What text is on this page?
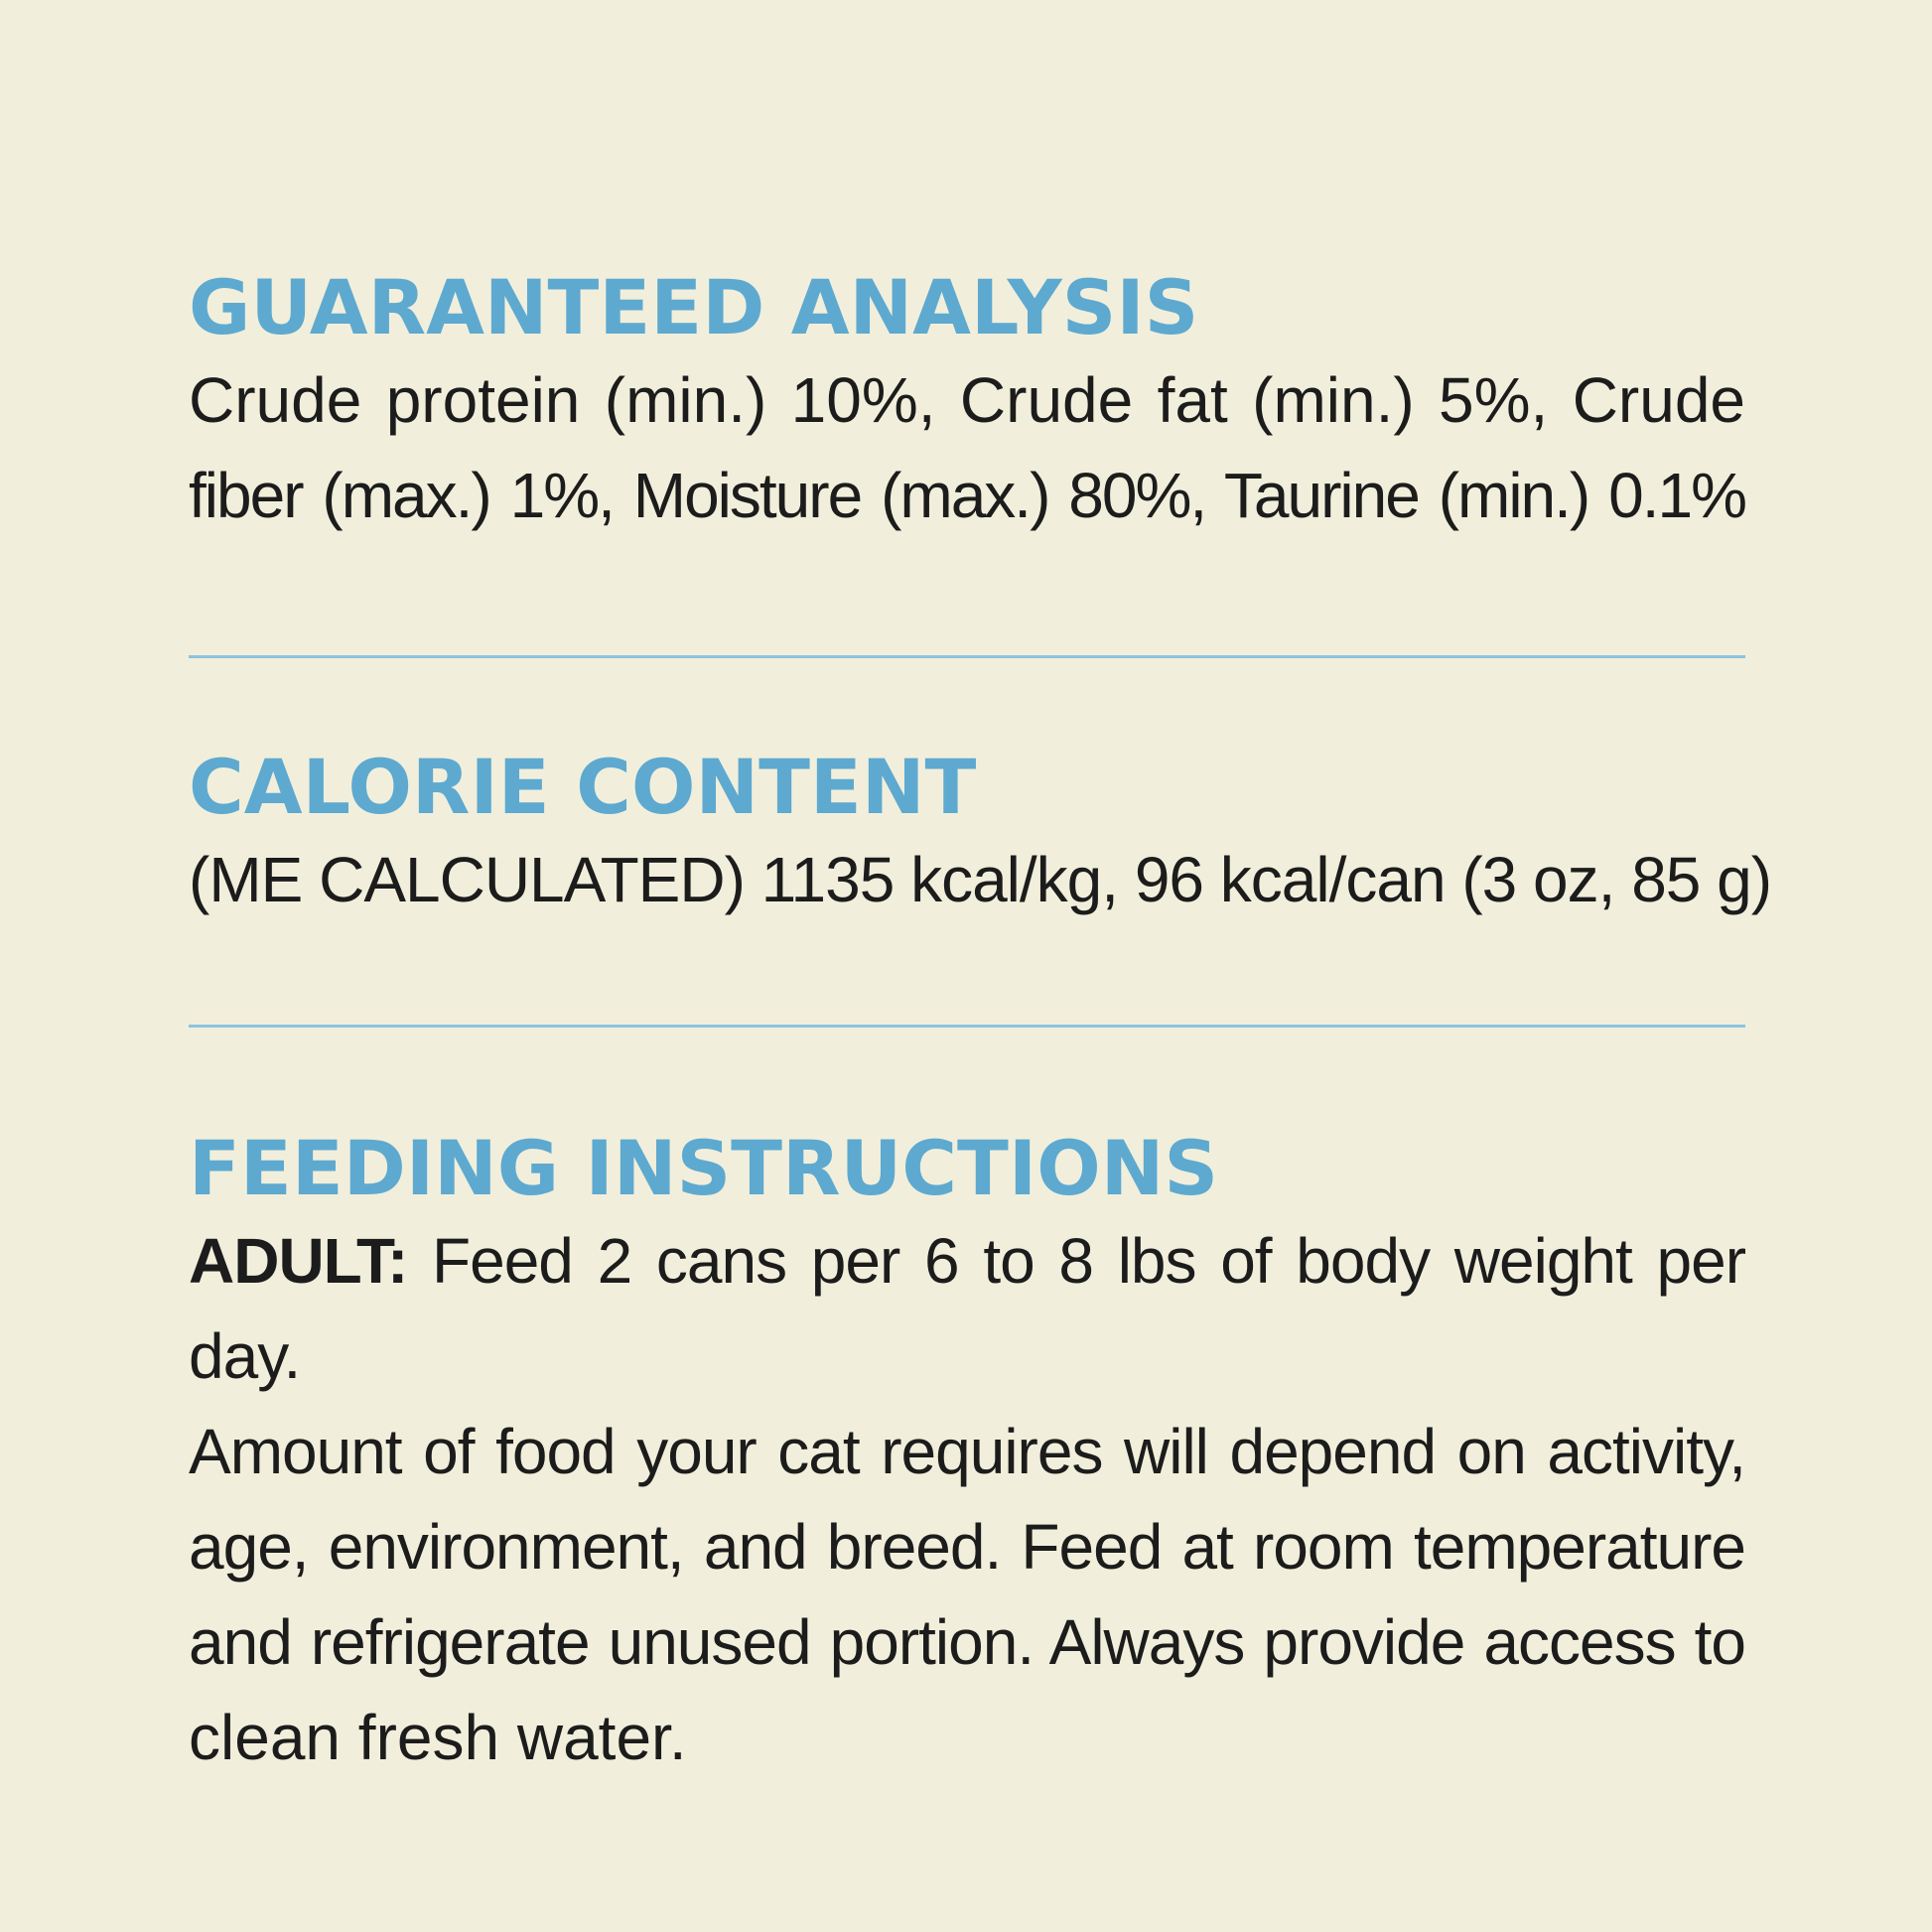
GUARANTEED ANALYSIS

Crude protein (min.) 10%, Crude fat (min.) 5%, Crude

fiber (max.) 1%, Moisture (max.) 80%, Taurine (min.) 0.1%

CALORIE CONTENT

(ME CALCULATED) 1135 kcal/kg, 96 kcal/can (3 oz, 85 g)

FEEDING INSTRUCTIONS

ADULT: Feed 2 cans per 6 to 8 lbs of body weight per day.

Amount of food your cat requires will depend on activity,

age, environment, and breed. Feed at room temperature

and refrigerate unused portion. Always provide access to

clean fresh water.
